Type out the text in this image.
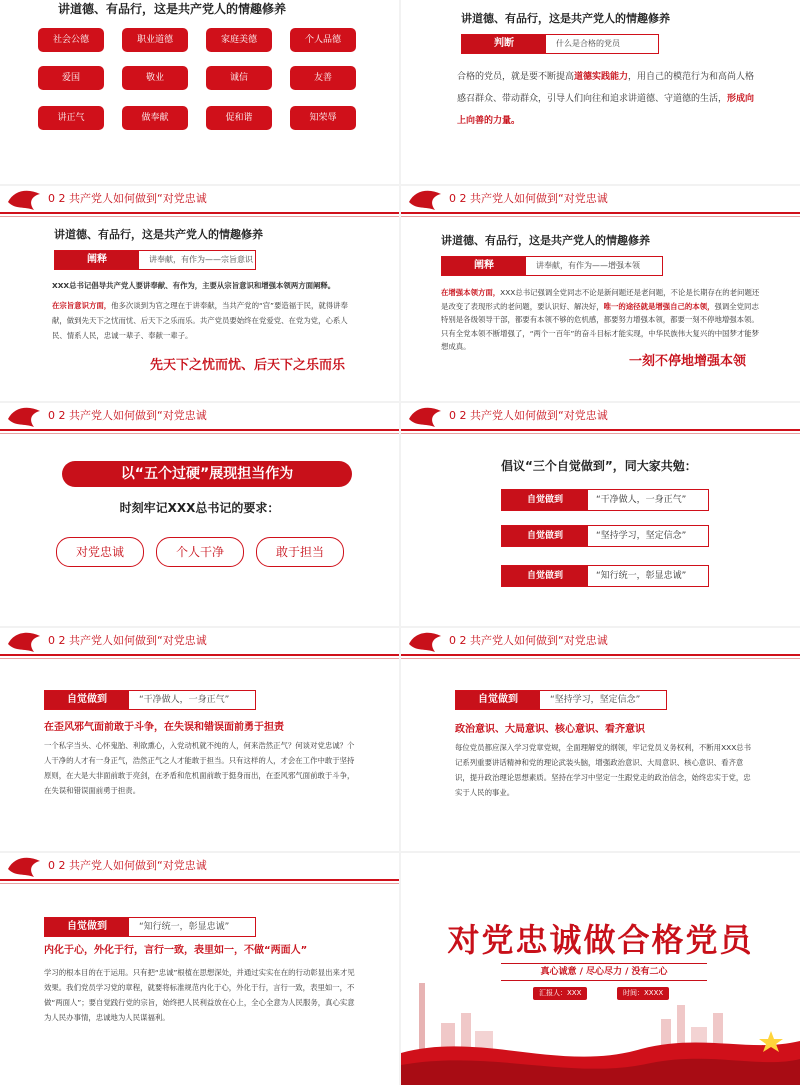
讲道德、有品行，这是共产党人的情趣修养
社会公德	职业道德	家庭美德	个人品德
爱国	敬业	诚信	友善
讲正气	做奉献	促和谐	知荣辱
讲道德、有品行，这是共产党人的情趣修养
判断	什么是合格的党员
合格的党员，就是要不断提高道德实践能力，用自己的模范行为和高尚人格感召群众、带动群众，引导人们向往和追求讲道德、守道德的生活，形成向上向善的力量。
0 2 共产党人如何做到“对党忠诚
讲道德、有品行，这是共产党人的情趣修养
阐释	讲奉献，有作为——宗旨意识
XXX总书记倡导共产党人要讲奉献、有作为，主要从宗旨意识和增强本领两方面阐释。
在宗旨意识方面，他多次谈到为官之理在于讲奉献，当共产党的“官”要造福于民，就得讲奉献，做到先天下之忧而忧、后天下之乐而乐。共产党员要始终在党爱党、在党为党，心系人民、情系人民，忠诚一辈子、奉献一辈子。
先天下之忧而忧、后天下之乐而乐
0 2 共产党人如何做到“对党忠诚
讲道德、有品行，这是共产党人的情趣修养
阐释	讲奉献，有作为——增强本领
在增强本领方面，XXX总书记强调全党同志不论是新问题还是老问题，不论是长期存在的老问题还是改变了表现形式的老问题，要认识好、解决好，唯一的途径就是增强自己的本领，强调全党同志特别是各级领导干部，都要有本领不够的危机感，都要努力增强本领，都要一刻不停地增强本领。只有全党本领不断增强了，“两个一百年”的奋斗目标才能实现，中华民族伟大复兴的中国梦才能梦想成真。
一刻不停地增强本领
0 2 共产党人如何做到“对党忠诚
以“五个过硬”展现担当作为
时刻牢记XXX总书记的要求：
对党忠诚	个人干净	敢于担当
0 2 共产党人如何做到“对党忠诚
倡议“三个自觉做到”，同大家共勉：
自觉做到	“干净做人，一身正气”
自觉做到	“坚持学习，坚定信念”
自觉做到	“知行统一，彰显忠诚”
0 2 共产党人如何做到“对党忠诚
自觉做到	“干净做人，一身正气”
在歪风邪气面前敢于斗争，在失误和错误面前勇于担责
一个私字当头、心怀鬼胎、利欲熏心，入党动机就不纯的人，何来浩然正气？何谈对党忠诚？个人干净的人才有一身正气，浩然正气之人才能敢于担当。只有这样的人，才会在工作中敢于坚持原则，在大是大非面前敢于亮剑，在矛盾和危机面前敢于挺身而出，在歪风邪气面前敢于斗争，在失误和错误面前勇于担责。
0 2 共产党人如何做到“对党忠诚
自觉做到	“坚持学习，坚定信念”
政治意识、大局意识、核心意识、看齐意识
每位党员都应深入学习党章党规，全面理解党的纲领，牢记党员义务权利，不断用XXX总书记系列重要讲话精神和党的理论武装头脑，增强政治意识、大局意识、核心意识、看齐意识，提升政治理论思想素质。坚持在学习中坚定一生跟党走的政治信念，始终忠实于党，忠实于人民的事业。
0 2 共产党人如何做到“对党忠诚
自觉做到	“知行统一，彰显忠诚”
内化于心，外化于行，言行一致，表里如一，不做“两面人”
学习的根本目的在于运用。只有把“忠诚”根植在思想深处，并通过实实在在的行动彰显出来才见效果。我们党员学习党的章程，就要将标准规范内化于心，外化于行，言行一致，表里如一，不做“两面人”；要自觉践行党的宗旨，始终把人民利益放在心上，全心全意为人民服务，真心实意为人民办事情，忠诚地为人民谋福利。
对党忠诚做合格党员
真心诚意 / 尽心尽力 / 没有二心
汇报人：XXX	时间：XXXX
